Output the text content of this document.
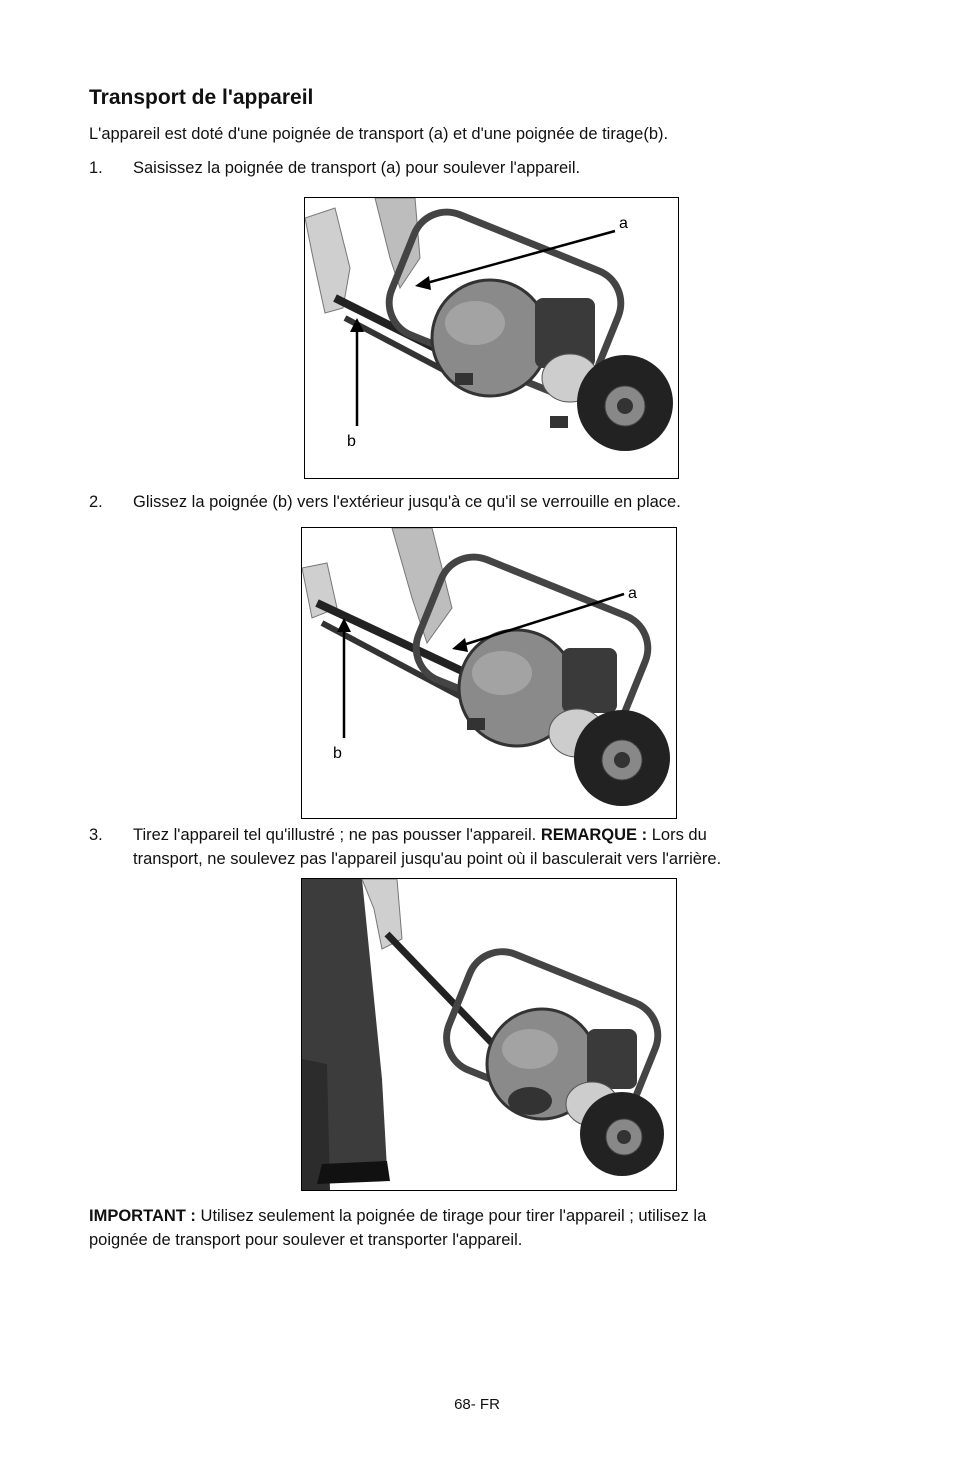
Transport de l'appareil
L'appareil est doté d'une poignée de transport (a) et d'une poignée de tirage(b).
1.	Saisissez la poignée de transport (a) pour soulever l'appareil.
a
b
2.	Glissez la poignée (b) vers l'extérieur jusqu'à ce qu'il se verrouille en place.
a
b
3.	Tirez l'appareil tel qu'illustré ; ne pas pousser l'appareil. REMARQUE : Lors du
transport, ne soulevez pas l'appareil jusqu'au point où il basculerait vers l'arrière.
IMPORTANT : Utilisez seulement la poignée de tirage pour tirer l'appareil ; utilisez la
poignée de transport pour soulever et transporter l'appareil.
68- FR
